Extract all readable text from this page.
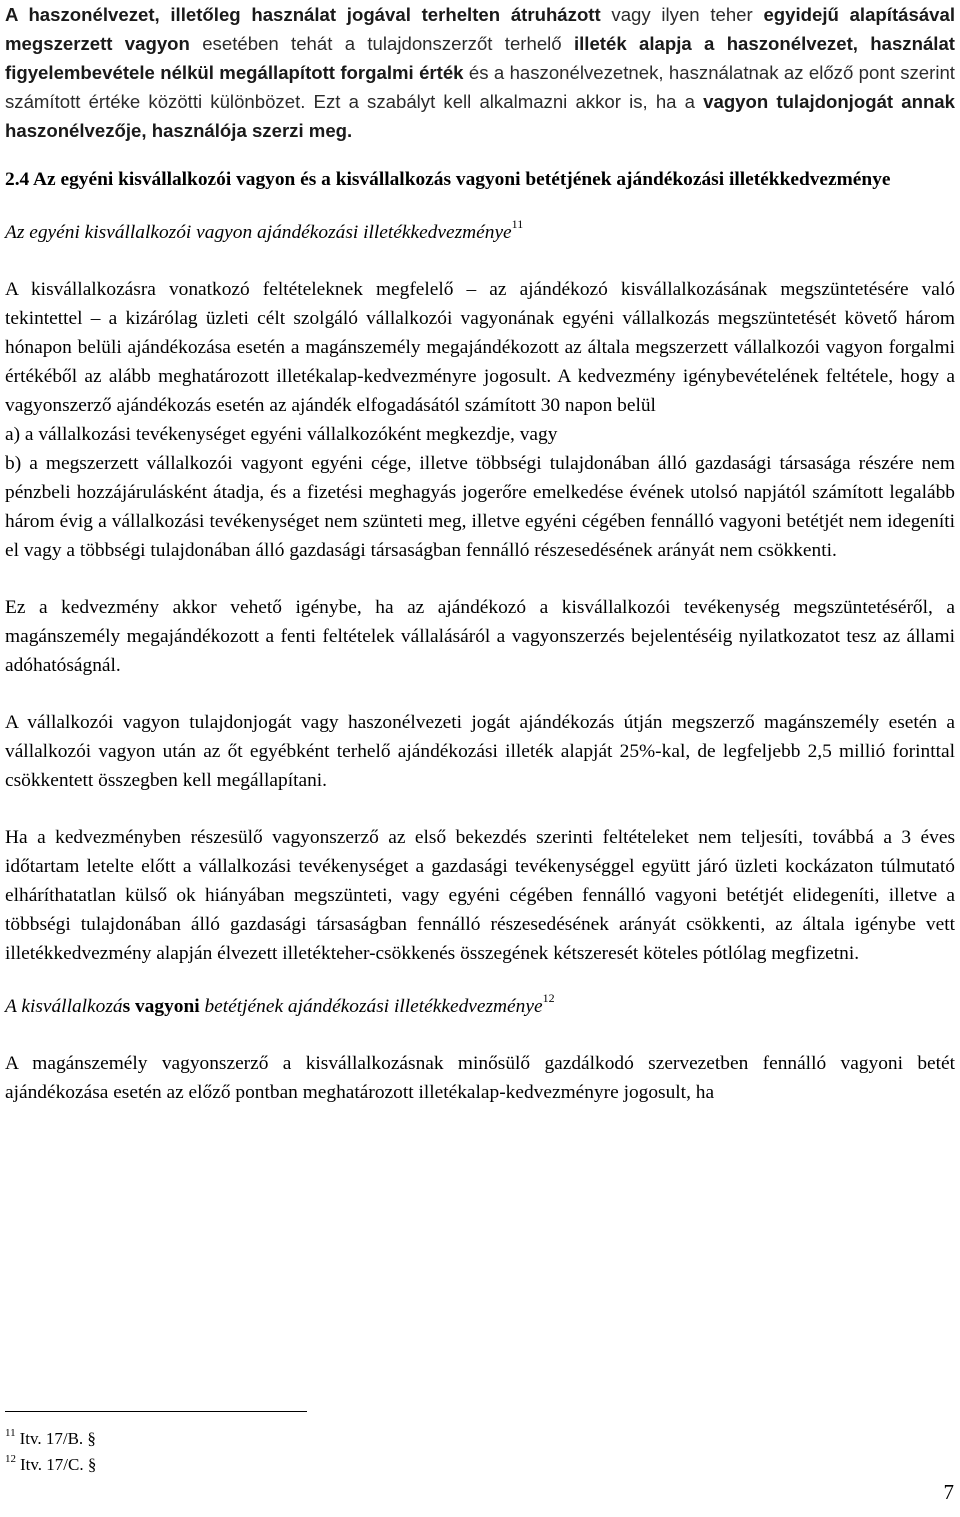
A haszonélvezet, illetőleg használat jogával terhelten átruházott vagy ilyen teher egyidejű alapításával megszerzett vagyon esetében tehát a tulajdonszerzőt terhelő illeték alapja a haszonélvezet, használat figyelembevétele nélkül megállapított forgalmi érték és a haszonélvezetnek, használatnak az előző pont szerint számított értéke közötti különbözet. Ezt a szabályt kell alkalmazni akkor is, ha a vagyon tulajdonjogát annak haszonélvezője, használója szerzi meg.

2.4 Az egyéni kisvállalkozói vagyon és a kisvállalkozás vagyoni betétjének ajándékozási illetékkedvezménye

Az egyéni kisvállalkozói vagyon ajándékozási illetékkedvezménye$^{11}$

A kisvállalkozásra vonatkozó feltételeknek megfelelő – az ajándékozó kisvállalkozásának megszüntetésére való tekintettel – a kizárólag üzleti célt szolgáló vállalkozói vagyonának egyéni vállalkozás megszüntetését követő három hónapon belüli ajándékozása esetén a magánszemély megajándékozott az általa megszerzett vállalkozói vagyon forgalmi értékéből az alább meghatározott illetékalap-kedvezményre jogosult. A kedvezmény igénybevételének feltétele, hogy a vagyonszerző ajándékozás esetén az ajándék elfogadásától számított 30 napon belül
a) a vállalkozási tevékenységet egyéni vállalkozóként megkezdje, vagy
b) a megszerzett vállalkozói vagyont egyéni cége, illetve többségi tulajdonában álló gazdasági társasága részére nem pénzbeli hozzájárulásként átadja, és a fizetési meghagyás jogerőre emelkedése évének utolsó napjától számított legalább három évig a vállalkozási tevékenységet nem szünteti meg, illetve egyéni cégében fennálló vagyoni betétjét nem idegeníti el vagy a többségi tulajdonában álló gazdasági társaságban fennálló részesedésének arányát nem csökkenti.

Ez a kedvezmény akkor vehető igénybe, ha az ajándékozó a kisvállalkozói tevékenység megszüntetéséről, a magánszemély megajándékozott a fenti feltételek vállalásáról a vagyonszerzés bejelentéséig nyilatkozatot tesz az állami adóhatóságnál.

A vállalkozói vagyon tulajdonjogát vagy haszonélvezeti jogát ajándékozás útján megszerző magánszemély esetén a vállalkozói vagyon után az őt egyébként terhelő ajándékozási illeték alapját 25%-kal, de legfeljebb 2,5 millió forinttal csökkentett összegben kell megállapítani.

Ha a kedvezményben részesülő vagyonszerző az első bekezdés szerinti feltételeket nem teljesíti, továbbá a 3 éves időtartam letelte előtt a vállalkozási tevékenységet a gazdasági tevékenységgel együtt járó üzleti kockázaton túlmutató elháríthatatlan külső ok hiányában megszünteti, vagy egyéni cégében fennálló vagyoni betétjét elidegeníti, illetve a többségi tulajdonában álló gazdasági társaságban fennálló részesedésének arányát csökkenti, az általa igénybe vett illetékkedvezmény alapján élvezett illetékteher-csökkenés összegének kétszeresét köteles pótlólag megfizetni.

A kisvállalkozás vagyoni betétjének ajándékozási illetékkedvezménye$^{12}$

A magánszemély vagyonszerző a kisvállalkozásnak minősülő gazdálkodó szervezetben fennálló vagyoni betét ajándékozása esetén az előző pontban meghatározott illetékalap-kedvezményre jogosult, ha

$^{11}$ Itv. 17/B. §
$^{12}$ Itv. 17/C. §
7
